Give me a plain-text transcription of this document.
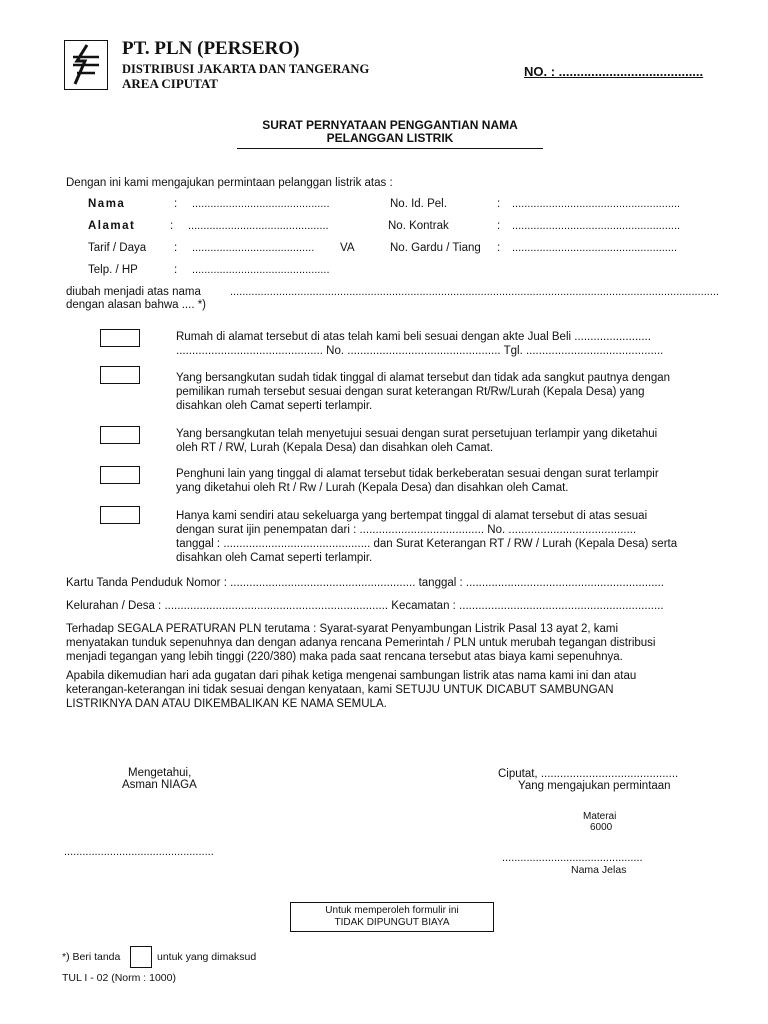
PT. PLN (PERSERO)
DISTRIBUSI JAKARTA DAN TANGERANG
AREA CIPUTAT
NO. : ........................................
SURAT PERNYATAAN PENGGANTIAN NAMA
PELANGGAN LISTRIK
Dengan ini kami mengajukan permintaan pelanggan listrik atas :
Nama	: .............................................
Alamat	: ..............................................
Tarif / Daya : ........................................ VA
Telp. / HP	: .............................................
No. Id. Pel.	: .......................................................
No. Kontrak	: .......................................................
No. Gardu / Tiang : ......................................................
diubah menjadi atas nama	................................................................................................................................................................
dengan alasan bahwa .... *)
Rumah di alamat tersebut di atas telah kami beli sesuai dengan akte Jual Beli ........................
.............................................. No. ................................................ Tgl. ...........................................
Yang bersangkutan sudah tidak tinggal di alamat tersebut dan tidak ada sangkut pautnya dengan
pemilikan rumah tersebut sesuai dengan surat keterangan Rt/Rw/Lurah (Kepala Desa) yang
disahkan oleh Camat seperti terlampir.
Yang bersangkutan telah menyetujui sesuai dengan surat persetujuan terlampir yang diketahui
oleh RT / RW, Lurah (Kepala Desa) dan disahkan oleh Camat.
Penghuni lain yang tinggal di alamat tersebut tidak berkeberatan sesuai dengan surat terlampir
yang diketahui oleh Rt / Rw / Lurah (Kepala Desa) dan disahkan oleh Camat.
Hanya kami sendiri atau sekeluarga yang bertempat tinggal di alamat tersebut di atas sesuai
dengan surat ijin penempatan dari : ....................................... No. ........................................
tanggal : .............................................. dan Surat Keterangan RT / RW / Lurah (Kepala Desa) serta
disahkan oleh Camat seperti terlampir.
Kartu Tanda Penduduk Nomor : .......................................................... tanggal : ..............................................................
Kelurahan / Desa : ...................................................................... Kecamatan : ................................................................
Terhadap SEGALA PERATURAN PLN terutama : Syarat-syarat Penyambungan Listrik Pasal 13 ayat 2, kami
menyatakan tunduk sepenuhnya dan dengan adanya rencana Pemerintah / PLN untuk merubah tegangan distribusi
menjadi tegangan yang lebih tinggi (220/380) maka pada saat rencana tersebut atas biaya kami sepenuhnya.
Apabila dikemudian hari ada gugatan dari pihak ketiga mengenai sambungan listrik atas nama kami ini dan atau
keterangan-keterangan ini tidak sesuai dengan kenyataan, kami SETUJU UNTUK DICABUT SAMBUNGAN
LISTRIKNYA DAN ATAU DIKEMBALIKAN KE NAMA SEMULA.
Mengetahui,
Asman NIAGA
.................................................
Ciputat, ...........................................
Yang mengajukan permintaan
Materai
6000
..............................................
Nama Jelas
Untuk memperoleh formulir ini
TIDAK DIPUNGUT BIAYA
*) Beri tanda	untuk yang dimaksud
TUL I - 02 (Norm : 1000)
